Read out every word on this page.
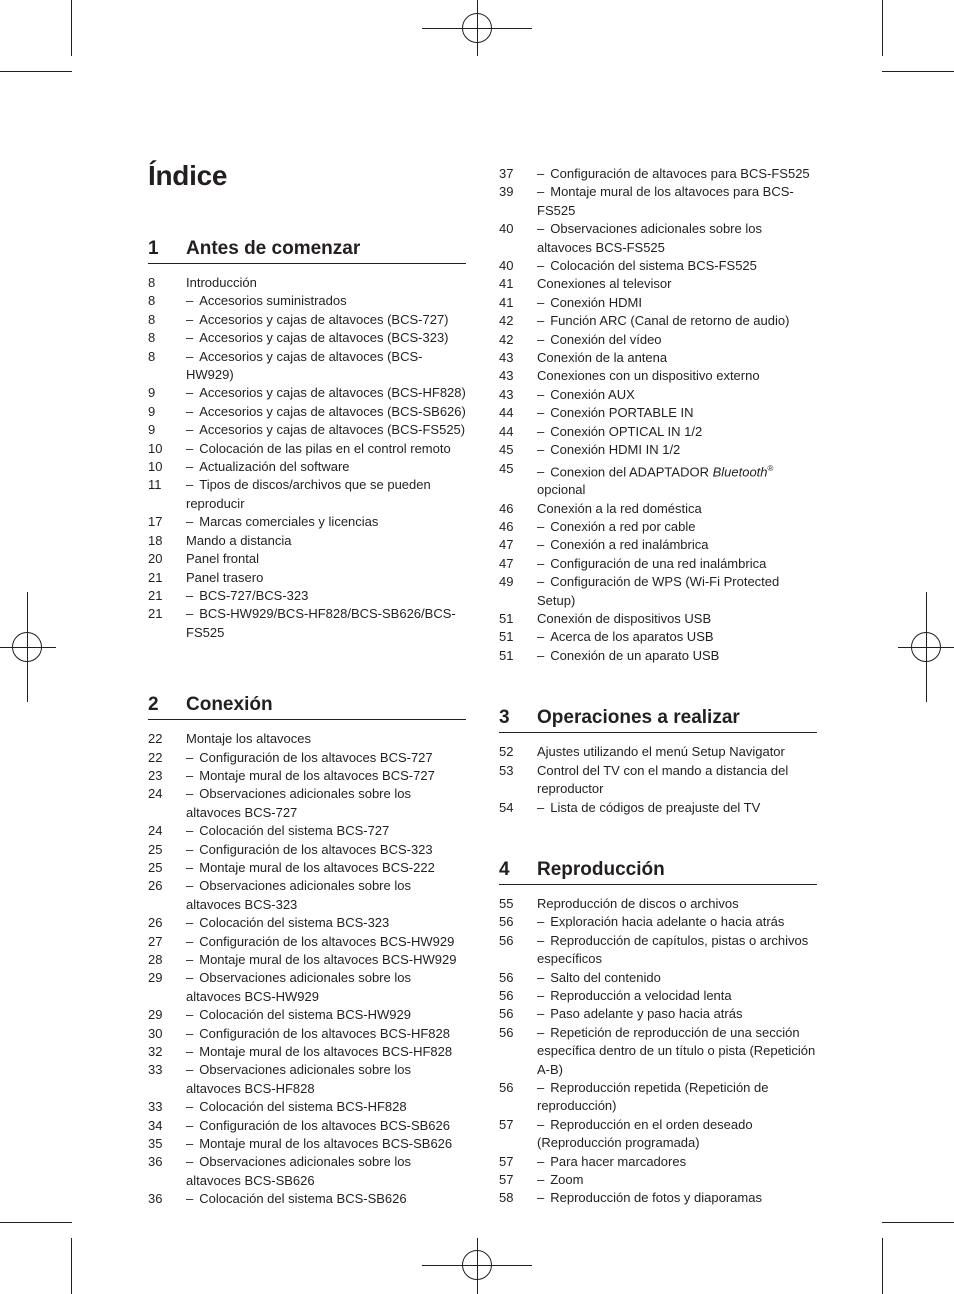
Índice
1	Antes de comenzar
8	Introducción
8	– Accesorios suministrados
8	– Accesorios y cajas de altavoces (BCS-727)
8	– Accesorios y cajas de altavoces (BCS-323)
8	– Accesorios y cajas de altavoces (BCS-HW929)
9	– Accesorios y cajas de altavoces (BCS-HF828)
9	– Accesorios y cajas de altavoces (BCS-SB626)
9	– Accesorios y cajas de altavoces (BCS-FS525)
10	– Colocación de las pilas en el control remoto
10	– Actualización del software
11	– Tipos de discos/archivos que se pueden reproducir
17	– Marcas comerciales y licencias
18	Mando a distancia
20	Panel frontal
21	Panel trasero
21	– BCS-727/BCS-323
21	– BCS-HW929/BCS-HF828/BCS-SB626/BCS-FS525
2	Conexión
22	Montaje los altavoces
22	– Configuración de los altavoces BCS-727
23	– Montaje mural de los altavoces BCS-727
24	– Observaciones adicionales sobre los altavoces BCS-727
24	– Colocación del sistema BCS-727
25	– Configuración de los altavoces BCS-323
25	– Montaje mural de los altavoces BCS-222
26	– Observaciones adicionales sobre los altavoces BCS-323
26	– Colocación del sistema BCS-323
27	– Configuración de los altavoces BCS-HW929
28	– Montaje mural de los altavoces BCS-HW929
29	– Observaciones adicionales sobre los altavoces BCS-HW929
29	– Colocación del sistema BCS-HW929
30	– Configuración de los altavoces BCS-HF828
32	– Montaje mural de los altavoces BCS-HF828
33	– Observaciones adicionales sobre los altavoces BCS-HF828
33	– Colocación del sistema BCS-HF828
34	– Configuración de los altavoces BCS-SB626
35	– Montaje mural de los altavoces BCS-SB626
36	– Observaciones adicionales sobre los altavoces BCS-SB626
36	– Colocación del sistema BCS-SB626
37	– Configuración de altavoces para BCS-FS525
39	– Montaje mural de los altavoces para BCS-FS525
40	– Observaciones adicionales sobre los altavoces BCS-FS525
40	– Colocación del sistema BCS-FS525
41	Conexiones al televisor
41	– Conexión HDMI
42	– Función ARC (Canal de retorno de audio)
42	– Conexión del vídeo
43	Conexión de la antena
43	Conexiones con un dispositivo externo
43	– Conexión AUX
44	– Conexión PORTABLE IN
44	– Conexión OPTICAL IN 1/2
45	– Conexión HDMI IN 1/2
45	– Conexion del ADAPTADOR Bluetooth® opcional
46	Conexión a la red doméstica
46	– Conexión a red por cable
47	– Conexión a red inalámbrica
47	– Configuración de una red inalámbrica
49	– Configuración de WPS (Wi-Fi Protected Setup)
51	Conexión de dispositivos USB
51	– Acerca de los aparatos USB
51	– Conexión de un aparato USB
3	Operaciones a realizar
52	Ajustes utilizando el menú Setup Navigator
53	Control del TV con el mando a distancia del reproductor
54	– Lista de códigos de preajuste del TV
4	Reproducción
55	Reproducción de discos o archivos
56	– Exploración hacia adelante o hacia atrás
56	– Reproducción de capítulos, pistas o archivos específicos
56	– Salto del contenido
56	– Reproducción a velocidad lenta
56	– Paso adelante y paso hacia atrás
56	– Repetición de reproducción de una sección específica dentro de un título o pista (Repetición A-B)
56	– Reproducción repetida (Repetición de reproducción)
57	– Reproducción en el orden deseado (Reproducción programada)
57	– Para hacer marcadores
57	– Zoom
58	– Reproducción de fotos y diaporamas
